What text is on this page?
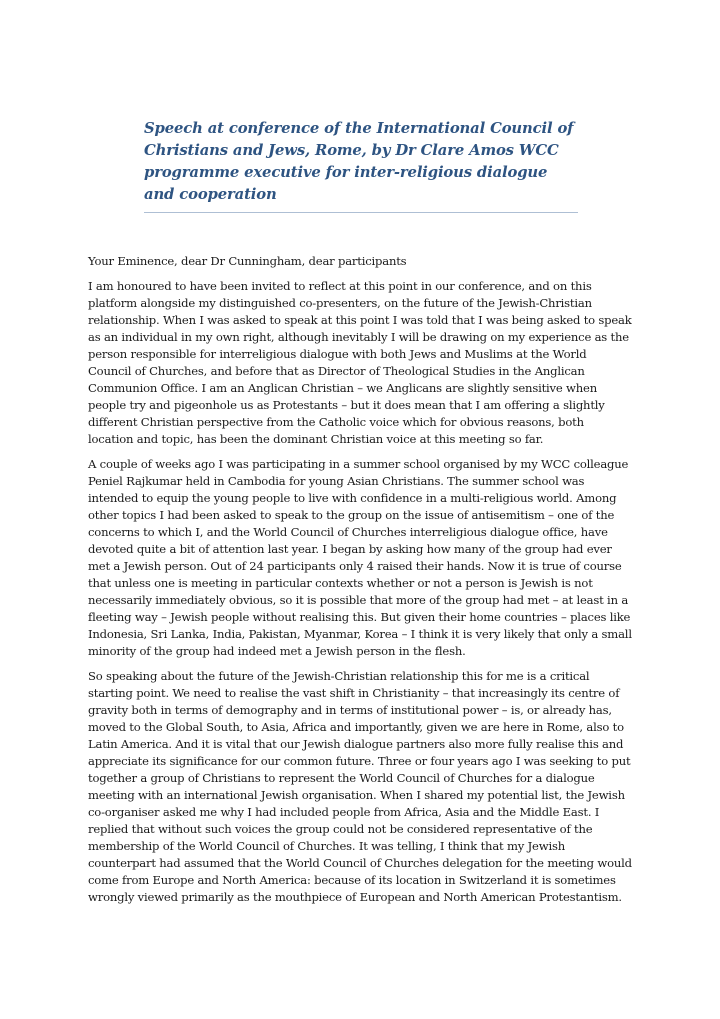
Speech at conference of the International Council of Christians and Jews, Rome, by Dr Clare Amos WCC programme executive for inter-religious dialogue and cooperation

Your Eminence, dear Dr Cunningham, dear participants

I am honoured to have been invited to reflect at this point in our conference, and on this platform alongside my distinguished co-presenters, on the future of the Jewish-Christian relationship. When I was asked to speak at this point I was told that I was being asked to speak as an individual in my own right, although inevitably I will be drawing on my experience as the person responsible for interreligious dialogue with both Jews and Muslims at the World Council of Churches, and before that as Director of Theological Studies in the Anglican Communion Office. I am an Anglican Christian – we Anglicans are slightly sensitive when people try and pigeonhole us as Protestants – but it does mean that I am offering a slightly different Christian perspective from the Catholic voice which for obvious reasons, both location and topic, has been the dominant Christian voice at this meeting so far.

A couple of weeks ago I was participating in a summer school organised by my WCC colleague Peniel Rajkumar held in Cambodia for young Asian Christians. The summer school was intended to equip the young people to live with confidence in a multi-religious world. Among other topics I had been asked to speak to the group on the issue of antisemitism – one of the concerns to which I, and the World Council of Churches interreligious dialogue office, have devoted quite a bit of attention last year. I began by asking how many of the group had ever met a Jewish person. Out of 24 participants only 4 raised their hands. Now it is true of course that unless one is meeting in particular contexts whether or not a person is Jewish is not necessarily immediately obvious, so it is possible that more of the group had met – at least in a fleeting way – Jewish people without realising this. But given their home countries – places like Indonesia, Sri Lanka, India, Pakistan, Myanmar, Korea – I think it is very likely that only a small minority of the group had indeed met a Jewish person in the flesh.

So speaking about the future of the Jewish-Christian relationship this for me is a critical starting point. We need to realise the vast shift in Christianity – that increasingly its centre of gravity both in terms of demography and in terms of institutional power – is, or already has, moved to the Global South, to Asia, Africa and importantly, given we are here in Rome, also to Latin America. And it is vital that our Jewish dialogue partners also more fully realise this and appreciate its significance for our common future. Three or four years ago I was seeking to put together a group of Christians to represent the World Council of Churches for a dialogue meeting with an international Jewish organisation. When I shared my potential list, the Jewish co-organiser asked me why I had included people from Africa, Asia and the Middle East. I replied that without such voices the group could not be considered representative of the membership of the World Council of Churches. It was telling, I think that my Jewish counterpart had assumed that the World Council of Churches delegation for the meeting would come from Europe and North America: because of its location in Switzerland it is sometimes wrongly viewed primarily as the mouthpiece of European and North American Protestantism.
